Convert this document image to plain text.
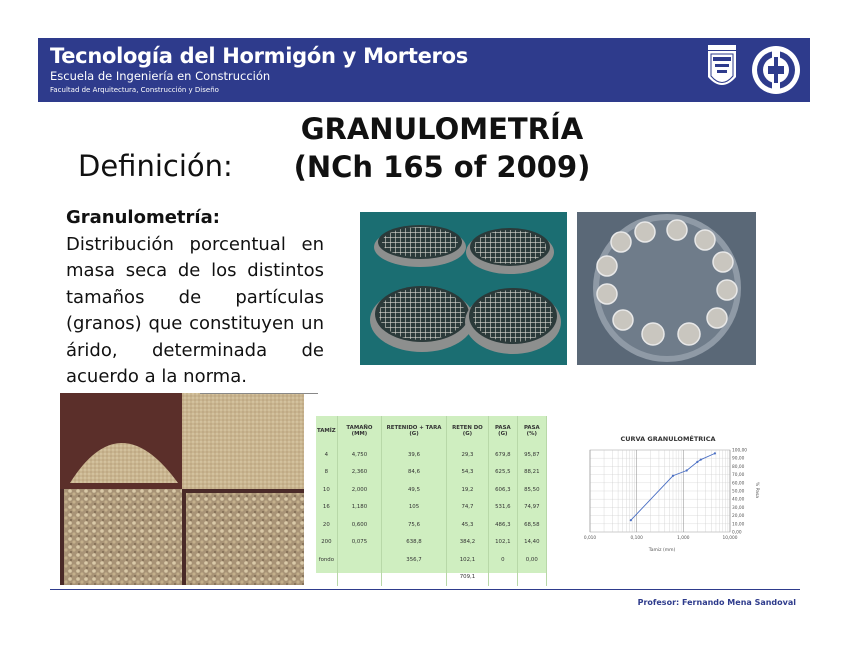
Tecnología del Hormigón y Morteros
Escuela de Ingeniería en Construcción
Facultad de Arquitectura, Construcción y Diseño
GRANULOMETRÍA
(NCh 165 of 2009)
Definición:
Granulometría:
Distribución porcentual en masa seca de los distintos tamaños de partículas (granos) que constituyen un árido, determinada de acuerdo a la norma.
TAMÍZ	TAMAÑO (MM)	RETENIDO + TARA (G)	RETEN DO (G)	PASA (G)	PASA (%)
4	4,750	39,6	29,3	679,8	95,87
8	2,360	84,6	54,3	625,5	88,21
10	2,000	49,5	19,2	606,3	85,50
16	1,180	105	74,7	531,6	74,97
20	0,600	75,6	45,3	486,3	68,58
200	0,075	638,8	384,2	102,1	14,40
fondo		356,7	102,1	0	0,00
			709,1		
CURVA GRANULOMÉTRICA
0,010	0,100	1,000	10,000
0,00
10,00
20,00
30,00
40,00
50,00
60,00
70,00
80,00
90,00
100,00
Tamiz (mm)
% Pasa
Profesor: Fernando Mena Sandoval
